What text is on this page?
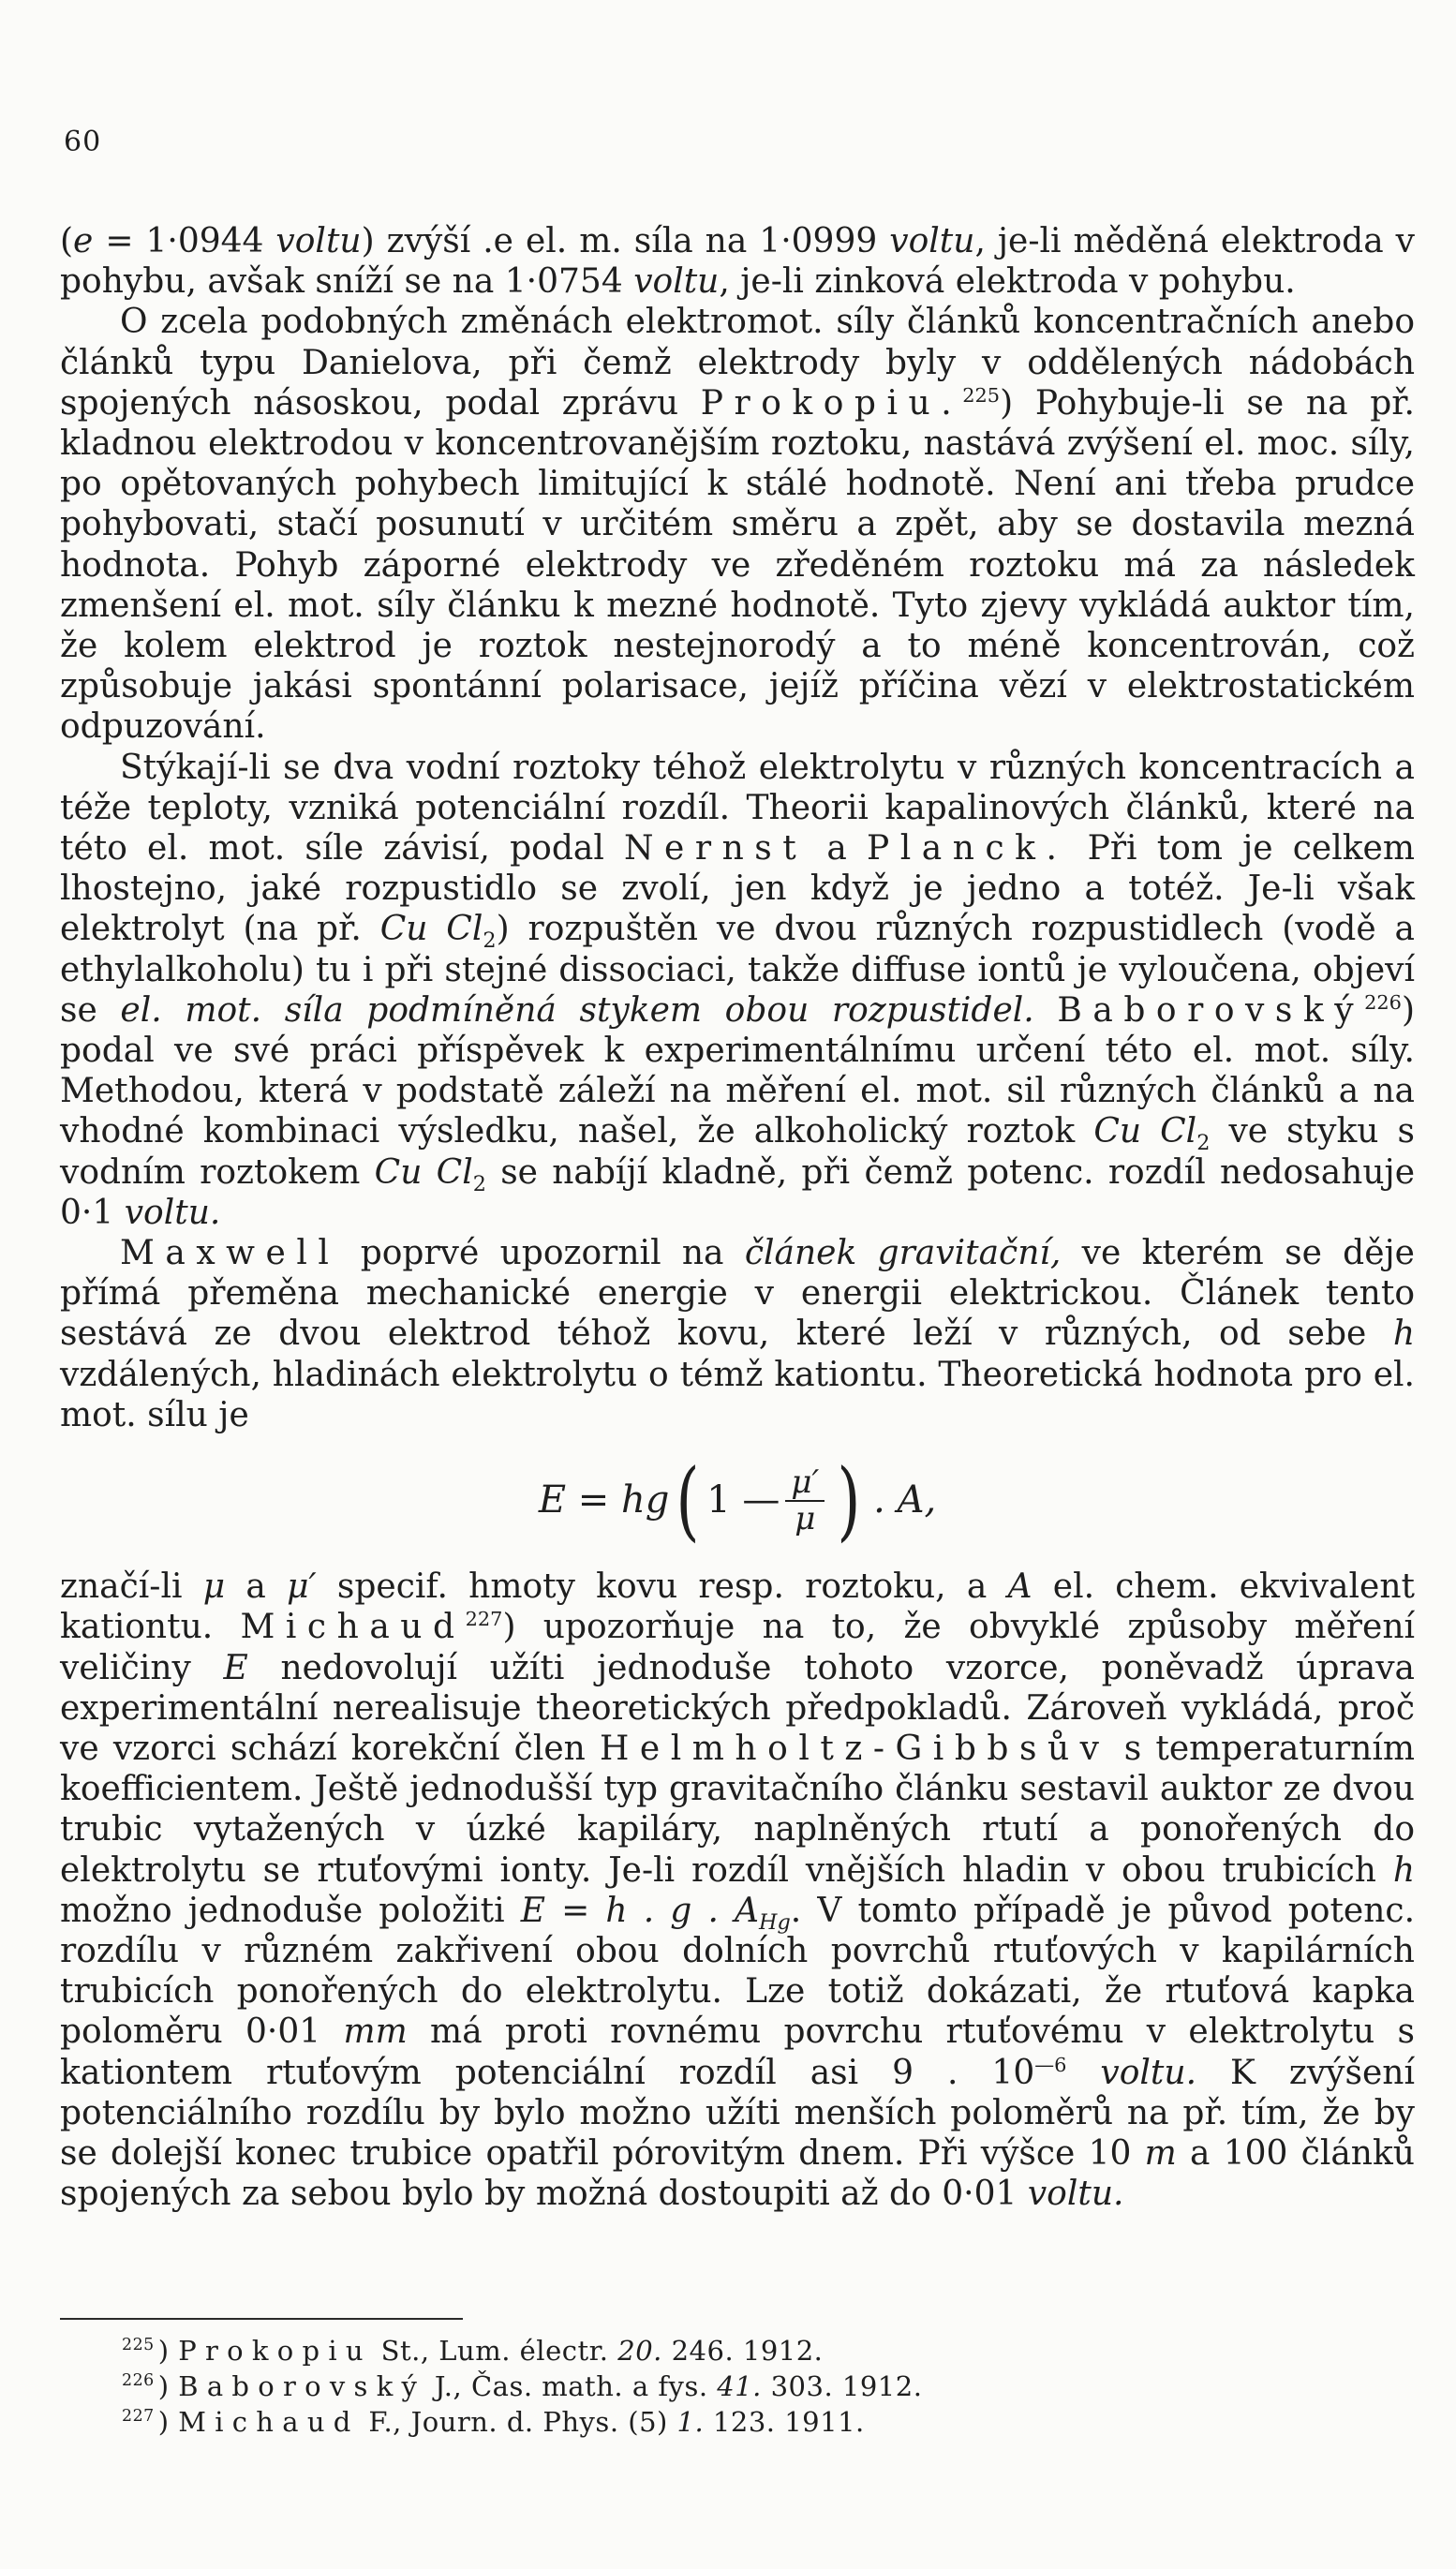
60

(e = 1·0944 voltu) zvýší .e el. m. síla na 1·0999 voltu, je-li měděná elektroda v pohybu, avšak sníží se na 1·0754 voltu, je-li zinková elektroda v pohybu.

O zcela podobných změnách elektromot. síly článků koncentračních anebo článků typu Danielova, při čemž elektrody byly v oddělených nádobách spojených násoskou, podal zprávu Prokopiu.$^{225}$) Pohybuje-li se na př. kladnou elektrodou v koncentrovanějším roztoku, nastává zvýšení el. moc. síly, po opětovaných pohybech limitující k stálé hodnotě. Není ani třeba prudce pohybovati, stačí posunutí v určitém směru a zpět, aby se dostavila mezná hodnota. Pohyb záporné elektrody ve zředěném roztoku má za následek zmenšení el. mot. síly článku k mezné hodnotě. Tyto zjevy vykládá auktor tím, že kolem elektrod je roztok nestejnorodý a to méně koncentrován, což způsobuje jakási spontánní polarisace, jejíž příčina vězí v elektrostatickém odpuzování.

Stýkají-li se dva vodní roztoky téhož elektrolytu v různých koncentracích a téže teploty, vzniká potenciální rozdíl. Theorii kapalinových článků, které na této el. mot. síle závisí, podal Nernst a Planck. Při tom je celkem lhostejno, jaké rozpustidlo se zvolí, jen když je jedno a totéž. Je-li však elektrolyt (na př. Cu $Cl_2$) rozpuštěn ve dvou různých rozpustidlech (vodě a ethylalkoholu) tu i při stejné dissociaci, takže diffuse iontů je vyloučena, objeví se el. mot. síla podmíněná stykem obou rozpustidel. Baborovský$^{226}$) podal ve své práci příspěvek k experimentálnímu určení této el. mot. síly. Methodou, která v podstatě záleží na měření el. mot. sil různých článků a na vhodné kombinaci výsledku, našel, že alkoholický roztok Cu $Cl_2$ ve styku s vodním roztokem Cu $Cl_2$ se nabíjí kladně, při čemž potenc. rozdíl nedosahuje 0·1 voltu.

Maxwell poprvé upozornil na článek gravitační, ve kterém se děje přímá přeměna mechanické energie v energii elektrickou. Článek tento sestává ze dvou elektrod téhož kovu, které leží v různých, od sebe h vzdálených, hladinách elektrolytu o témž kationtu. Theoretická hodnota pro el. mot. sílu je

E = hg ( 1 — $\frac{\mu'}{\mu}$ ) . A,

značí-li μ a μ′ specif. hmoty kovu resp. roztoku, a A el. chem. ekvivalent kationtu. Michaud$^{227}$) upozorňuje na to, že obvyklé způsoby měření veličiny E nedovolují užíti jednoduše tohoto vzorce, poněvadž úprava experimentální nerealisuje theoretických předpokladů. Zároveň vykládá, proč ve vzorci schází korekční člen Helmholtz-Gibbsův s temperaturním koefficientem. Ještě jednodušší typ gravitačního článku sestavil auktor ze dvou trubic vytažených v úzké kapiláry, naplněných rtutí a ponořených do elektrolytu se rtuťovými ionty. Je-li rozdíl vnějších hladin v obou trubicích h možno jednoduše položiti E = h . g . $A_{Hg}$. V tomto případě je původ potenc. rozdílu v různém zakřivení obou dolních povrchů rtuťových v kapilárních trubicích ponořených do elektrolytu. Lze totiž dokázati, že rtuťová kapka poloměru 0·01 mm má proti rovnému povrchu rtuťovému v elektrolytu s kationtem rtuťovým potenciální rozdíl asi 9 . $10^{—6}$ voltu. K zvýšení potenciálního rozdílu by bylo možno užíti menších poloměrů na př. tím, že by se dolejší konec trubice opatřil pórovitým dnem. Při výšce 10 m a 100 článků spojených za sebou bylo by možná dostoupiti až do 0·01 voltu.

$^{225}$ ) Prokopiu St., Lum. électr. 20. 246. 1912.
$^{226}$ ) Baborovský J., Čas. math. a fys. 41. 303. 1912.
$^{227}$ ) Michaud F., Journ. d. Phys. (5) 1. 123. 1911.
